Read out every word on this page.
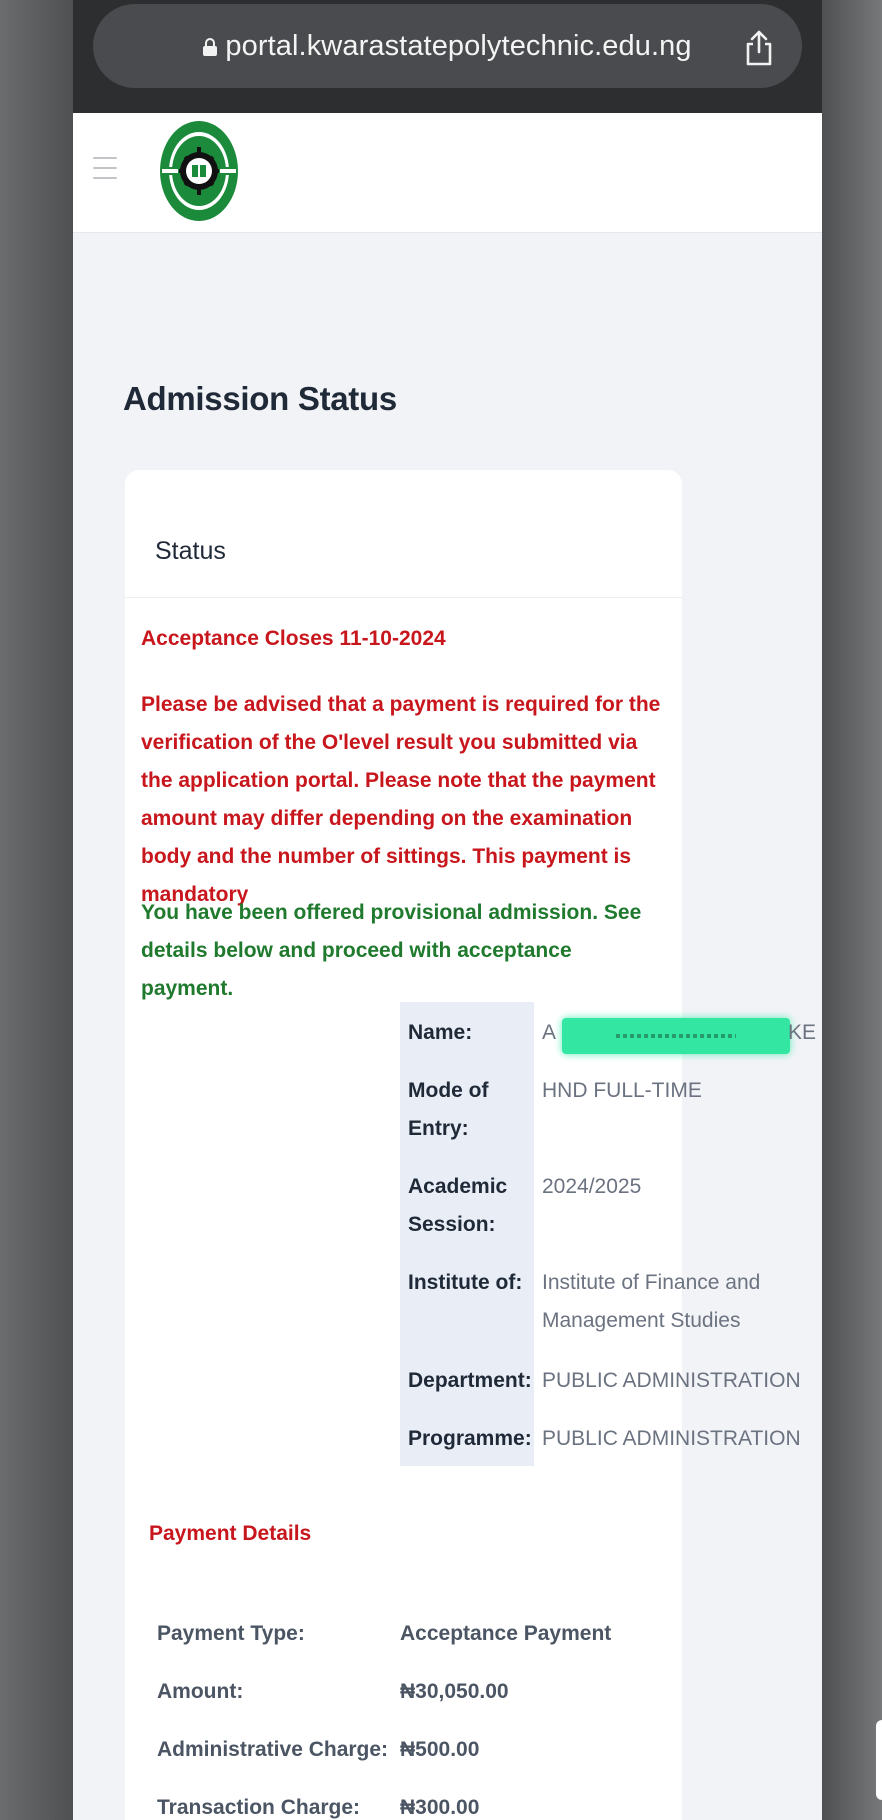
portal.kwarastatepolytechnic.edu.ng
Admission Status
Status
Acceptance Closes 11-10-2024
Please be advised that a payment is required for the verification of the O'level result you submitted via the application portal. Please note that the payment amount may differ depending on the examination body and the number of sittings. This payment is mandatory
You have been offered provisional admission. See details below and proceed with acceptance payment.
Name:	A	KE
Mode of Entry:
HND FULL-TIME
Academic Session:
2024/2025
Institute of: Institute of Finance and Management Studies
Department: PUBLIC ADMINISTRATION
Programme: PUBLIC ADMINISTRATION
Payment Details
Payment Type:	Acceptance Payment
Amount:	₦30,050.00
Administrative Charge: ₦500.00
Transaction Charge: ₦300.00
